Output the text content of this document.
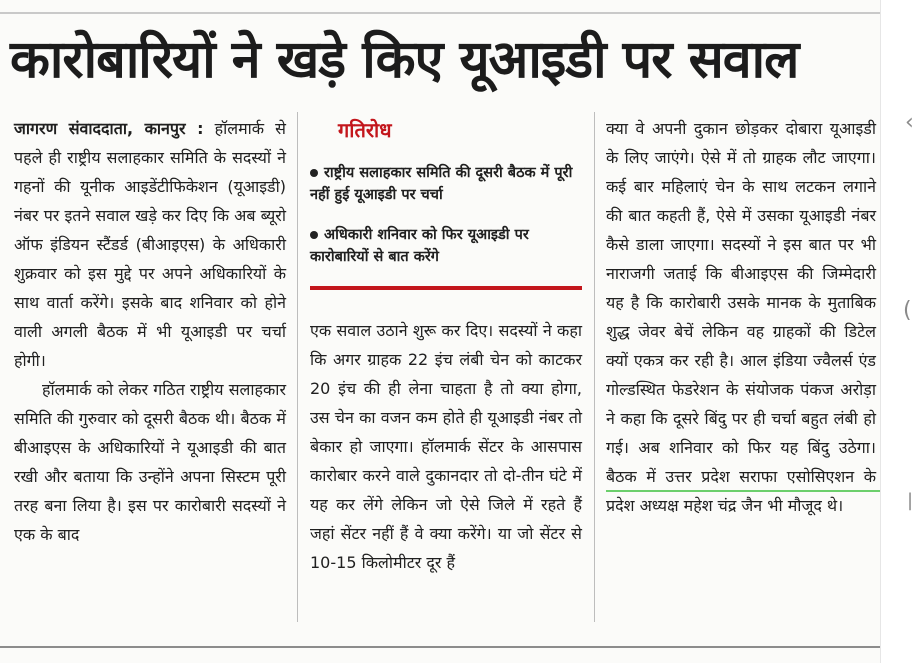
कारोबारियों ने खड़े किए यूआइडी पर सवाल

जागरण संवाददाता, कानपुर : हॉलमार्क से पहले ही राष्ट्रीय सलाहकार समिति के सदस्यों ने गहनों की यूनीक आइडेंटीफिकेशन (यूआइडी) नंबर पर इतने सवाल खड़े कर दिए कि अब ब्यूरो ऑफ इंडियन स्टैंडर्ड (बीआइएस) के अधिकारी शुक्रवार को इस मुद्दे पर अपने अधिकारियों के साथ वार्ता करेंगे। इसके बाद शनिवार को होने वाली अगली बैठक में भी यूआइडी पर चर्चा होगी।

हॉलमार्क को लेकर गठित राष्ट्रीय सलाहकार समिति की गुरुवार को दूसरी बैठक थी। बैठक में बीआइएस के अधिकारियों ने यूआइडी की बात रखी और बताया कि उन्होंने अपना सिस्टम पूरी तरह बना लिया है। इस पर कारोबारी सदस्यों ने एक के बाद

गतिरोध
राष्ट्रीय सलाहकार समिति की दूसरी बैठक में पूरी नहीं हुई यूआइडी पर चर्चा
अधिकारी शनिवार को फिर यूआइडी पर कारोबारियों से बात करेंगे

एक सवाल उठाने शुरू कर दिए। सदस्यों ने कहा कि अगर ग्राहक 22 इंच लंबी चेन को काटकर 20 इंच की ही लेना चाहता है तो क्या होगा, उस चेन का वजन कम होते ही यूआइडी नंबर तो बेकार हो जाएगा। हॉलमार्क सेंटर के आसपास कारोबार करने वाले दुकानदार तो दो-तीन घंटे में यह कर लेंगे लेकिन जो ऐसे जिले में रहते हैं जहां सेंटर नहीं हैं वे क्या करेंगे। या जो सेंटर से 10-15 किलोमीटर दूर हैं

क्या वे अपनी दुकान छोड़कर दोबारा यूआइडी के लिए जाएंगे। ऐसे में तो ग्राहक लौट जाएगा। कई बार महिलाएं चेन के साथ लटकन लगाने की बात कहती हैं, ऐसे में उसका यूआइडी नंबर कैसे डाला जाएगा। सदस्यों ने इस बात पर भी नाराजगी जताई कि बीआइएस की जिम्मेदारी यह है कि कारोबारी उसके मानक के मुताबिक शुद्ध जेवर बेचें लेकिन वह ग्राहकों की डिटेल क्यों एकत्र कर रही है। आल इंडिया ज्वैलर्स एंड गोल्डस्थित फेडरेशन के संयोजक पंकज अरोड़ा ने कहा कि दूसरे बिंदु पर ही चर्चा बहुत लंबी हो गई। अब शनिवार को फिर यह बिंदु उठेगा। बैठक में उत्तर प्रदेश सराफा एसोसिएशन के प्रदेश अध्यक्ष महेश चंद्र जैन भी मौजूद थे।

‹
(
|
